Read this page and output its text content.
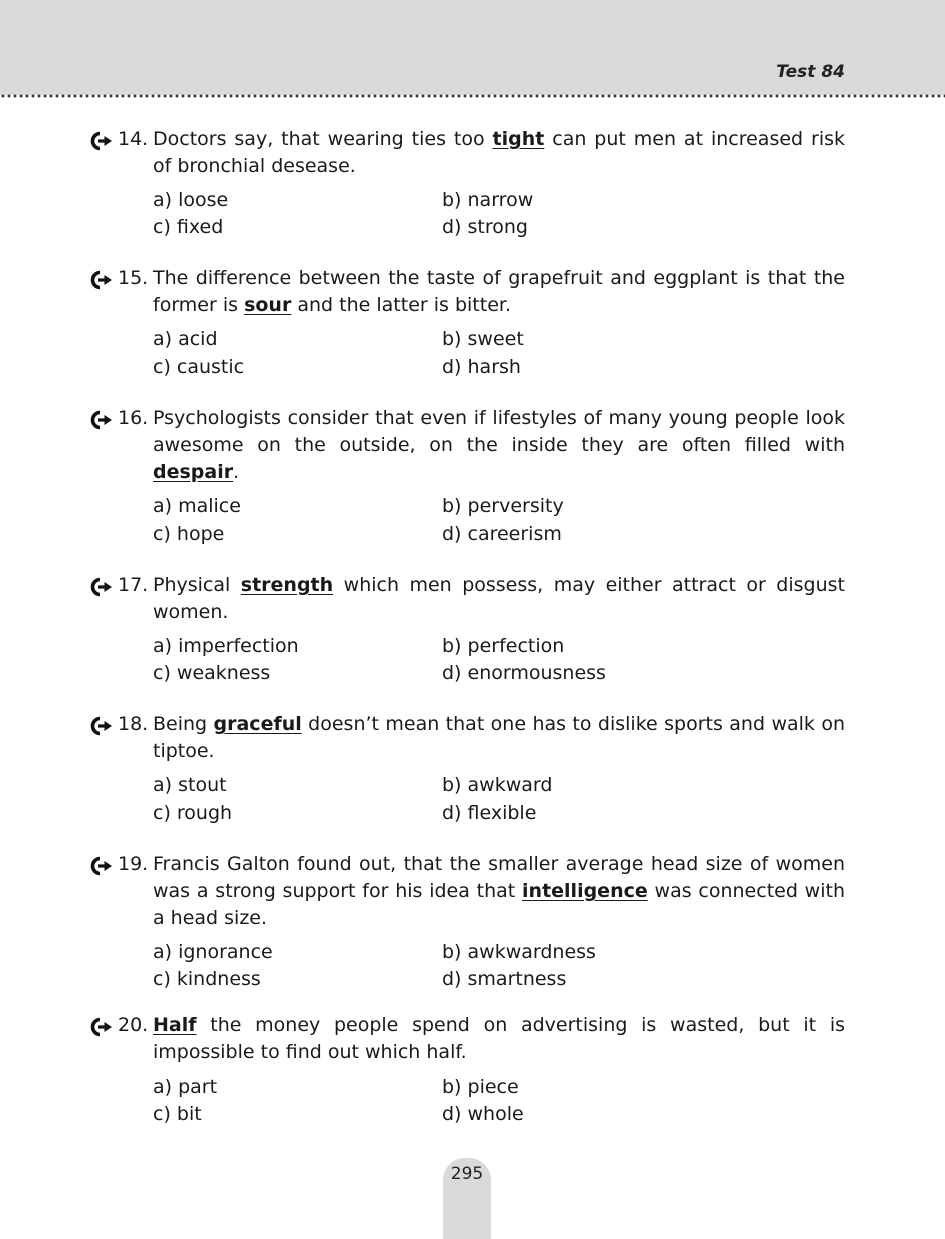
Test 84
14. Doctors say, that wearing ties too tight can put men at increased risk of bronchial desease.
a) loose	b) narrow
c) fixed	d) strong
15. The difference between the taste of grapefruit and eggplant is that the former is sour and the latter is bitter.
a) acid	b) sweet
c) caustic	d) harsh
16. Psychologists consider that even if lifestyles of many young people look awesome on the outside, on the inside they are often filled with despair.
a) malice	b) perversity
c) hope	d) careerism
17. Physical strength which men possess, may either attract or disgust women.
a) imperfection	b) perfection
c) weakness	d) enormousness
18. Being graceful doesn’t mean that one has to dislike sports and walk on tiptoe.
a) stout	b) awkward
c) rough	d) flexible
19. Francis Galton found out, that the smaller average head size of women was a strong support for his idea that intelligence was connected with a head size.
a) ignorance	b) awkwardness
c) kindness	d) smartness
20. Half the money people spend on advertising is wasted, but it is impossible to find out which half.
a) part	b) piece
c) bit	d) whole
295
